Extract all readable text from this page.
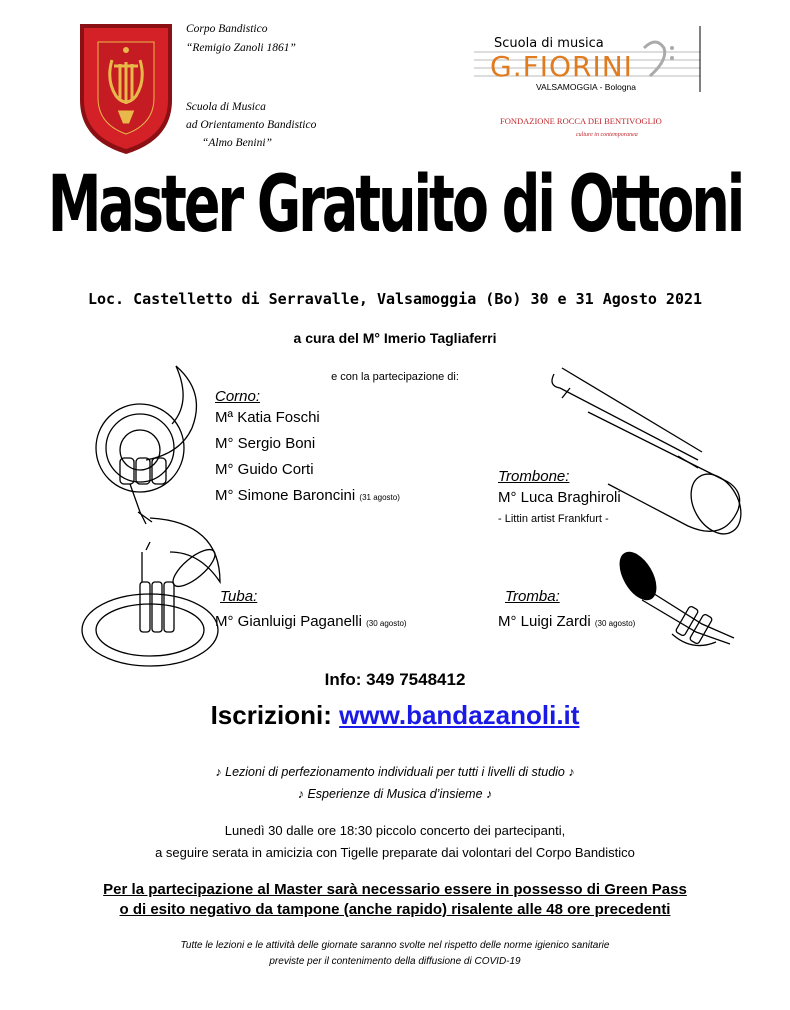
Corpo Bandistico
“Remigio Zanoli 1861”
Scuola di Musica
ad Orientamento Bandistico
“Almo Benini”
Scuola di musica
G.FIORINI
VALSAMOGGIA - Bologna
FONDAZIONE ROCCA DEI BENTIVOGLIO
culture in contemporanea
Master Gratuito di Ottoni
Loc. Castelletto di Serravalle, Valsamoggia (Bo) 30 e 31 Agosto 2021
a cura del M° Imerio Tagliaferri
e con la partecipazione di:
Corno:
Mª Katia Foschi
M° Sergio Boni
M° Guido Corti
M° Simone Baroncini (31 agosto)
Trombone:
M° Luca Braghiroli
- Littin artist Frankfurt -
Tuba:
M° Gianluigi Paganelli (30 agosto)
Tromba:
M° Luigi Zardi (30 agosto)
Info: 349 7548412
Iscrizioni: www.bandazanoli.it
♪ Lezioni di perfezionamento individuali per tutti i livelli di studio ♪
♪ Esperienze di Musica d’insieme ♪
Lunedì 30 dalle ore 18:30 piccolo concerto dei partecipanti,
a seguire serata in amicizia con Tigelle preparate dai volontari del Corpo Bandistico
Per la partecipazione al Master sarà necessario essere in possesso di Green Pass
o di esito negativo da tampone (anche rapido) risalente alle 48 ore precedenti
Tutte le lezioni e le attività delle giornate saranno svolte nel rispetto delle norme igienico sanitarie
previste per il contenimento della diffusione di COVID-19
